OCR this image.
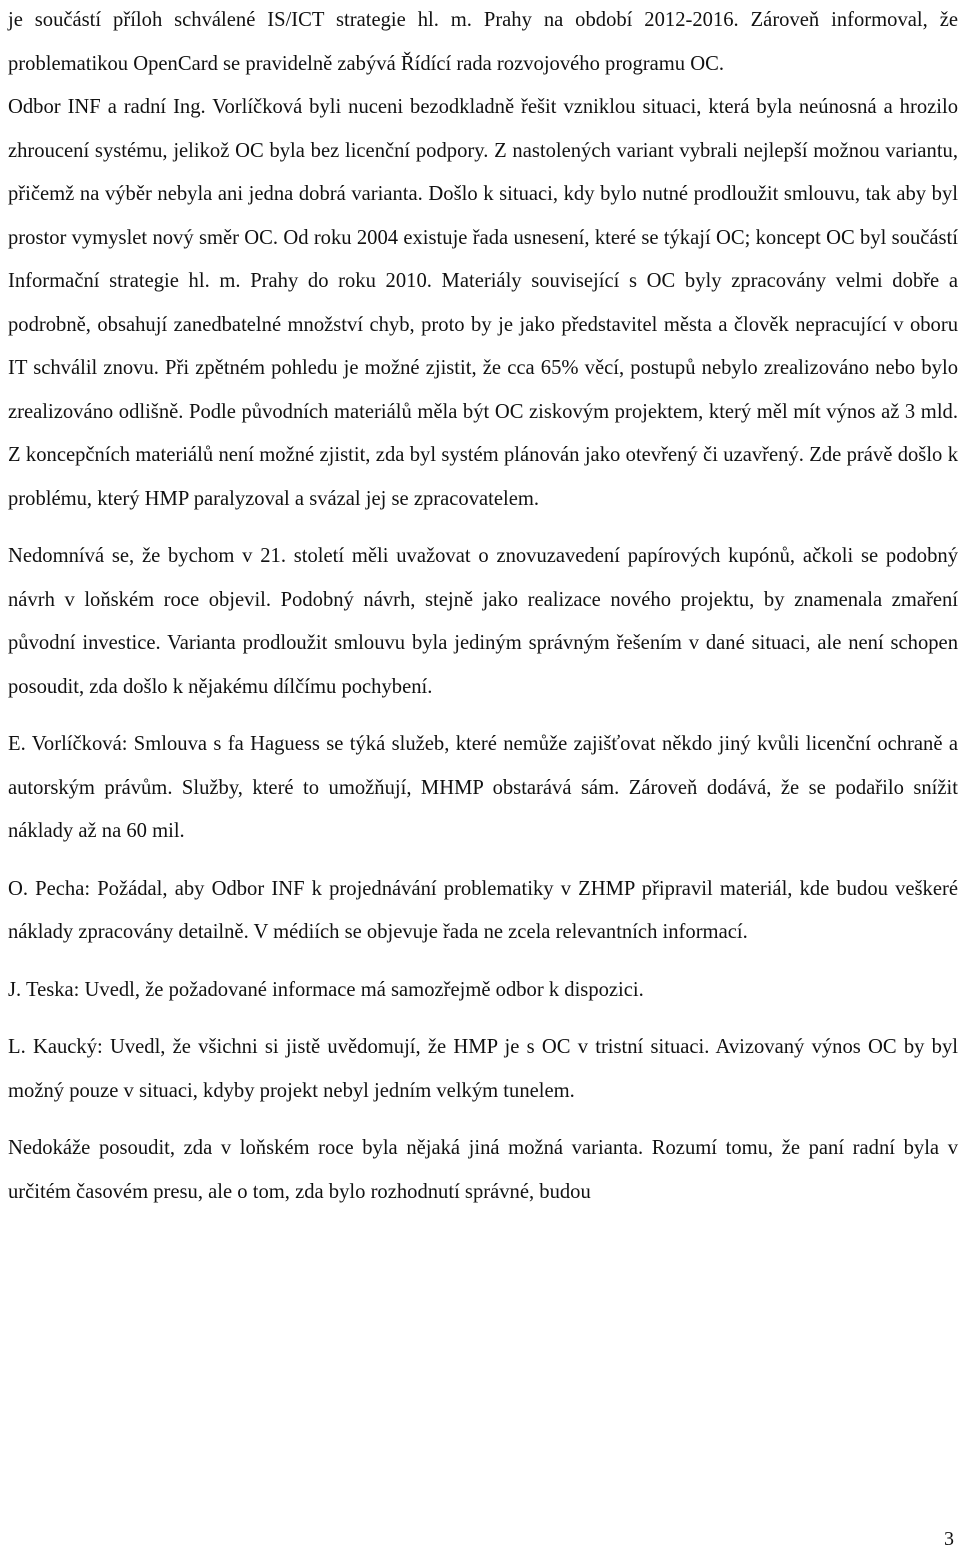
je součástí příloh schválené IS/ICT strategie hl. m. Prahy na období 2012-2016. Zároveň informoval, že problematikou OpenCard se pravidelně zabývá Řídící rada rozvojového programu OC.

Odbor INF a radní Ing. Vorlíčková byli nuceni bezodkladně řešit vzniklou situaci, která byla neúnosná a hrozilo zhroucení systému, jelikož OC byla bez licenční podpory. Z nastolených variant vybrali nejlepší možnou variantu, přičemž na výběr nebyla ani jedna dobrá varianta. Došlo k situaci, kdy bylo nutné prodloužit smlouvu, tak aby byl prostor vymyslet nový směr OC. Od roku 2004 existuje řada usnesení, které se týkají OC; koncept OC byl součástí Informační strategie hl. m. Prahy do roku 2010. Materiály související s OC byly zpracovány velmi dobře a podrobně, obsahují zanedbatelné množství chyb, proto by je jako představitel města a člověk nepracující v oboru IT schválil znovu. Při zpětném pohledu je možné zjistit, že cca 65% věcí, postupů nebylo zrealizováno nebo bylo zrealizováno odlišně. Podle původních materiálů měla být OC ziskovým projektem, který měl mít výnos až 3 mld. Z koncepčních materiálů není možné zjistit, zda byl systém plánován jako otevřený či uzavřený. Zde právě došlo k problému, který HMP paralyzoval a svázal jej se zpracovatelem.

Nedomnívá se, že bychom v 21. století měli uvažovat o znovuzavedení papírových kupónů, ačkoli se podobný návrh v loňském roce objevil. Podobný návrh, stejně jako realizace nového projektu, by znamenala zmaření původní investice. Varianta prodloužit smlouvu byla jediným správným řešením v dané situaci, ale není schopen posoudit, zda došlo k nějakému dílčímu pochybení.

E. Vorlíčková: Smlouva s fa Haguess se týká služeb, které nemůže zajišťovat někdo jiný kvůli licenční ochraně a autorským právům. Služby, které to umožňují, MHMP obstarává sám. Zároveň dodává, že se podařilo snížit náklady až na 60 mil.

O. Pecha: Požádal, aby Odbor INF k projednávání problematiky v ZHMP připravil materiál, kde budou veškeré náklady zpracovány detailně. V médiích se objevuje řada ne zcela relevantních informací.

J. Teska: Uvedl, že požadované informace má samozřejmě odbor k dispozici.

L. Kaucký: Uvedl, že všichni si jistě uvědomují, že HMP je s OC v tristní situaci. Avizovaný výnos OC by byl možný pouze v situaci, kdyby projekt nebyl jedním velkým tunelem.

Nedokáže posoudit, zda v loňském roce byla nějaká jiná možná varianta. Rozumí tomu, že paní radní byla v určitém časovém presu, ale o tom, zda bylo rozhodnutí správné, budou

3
